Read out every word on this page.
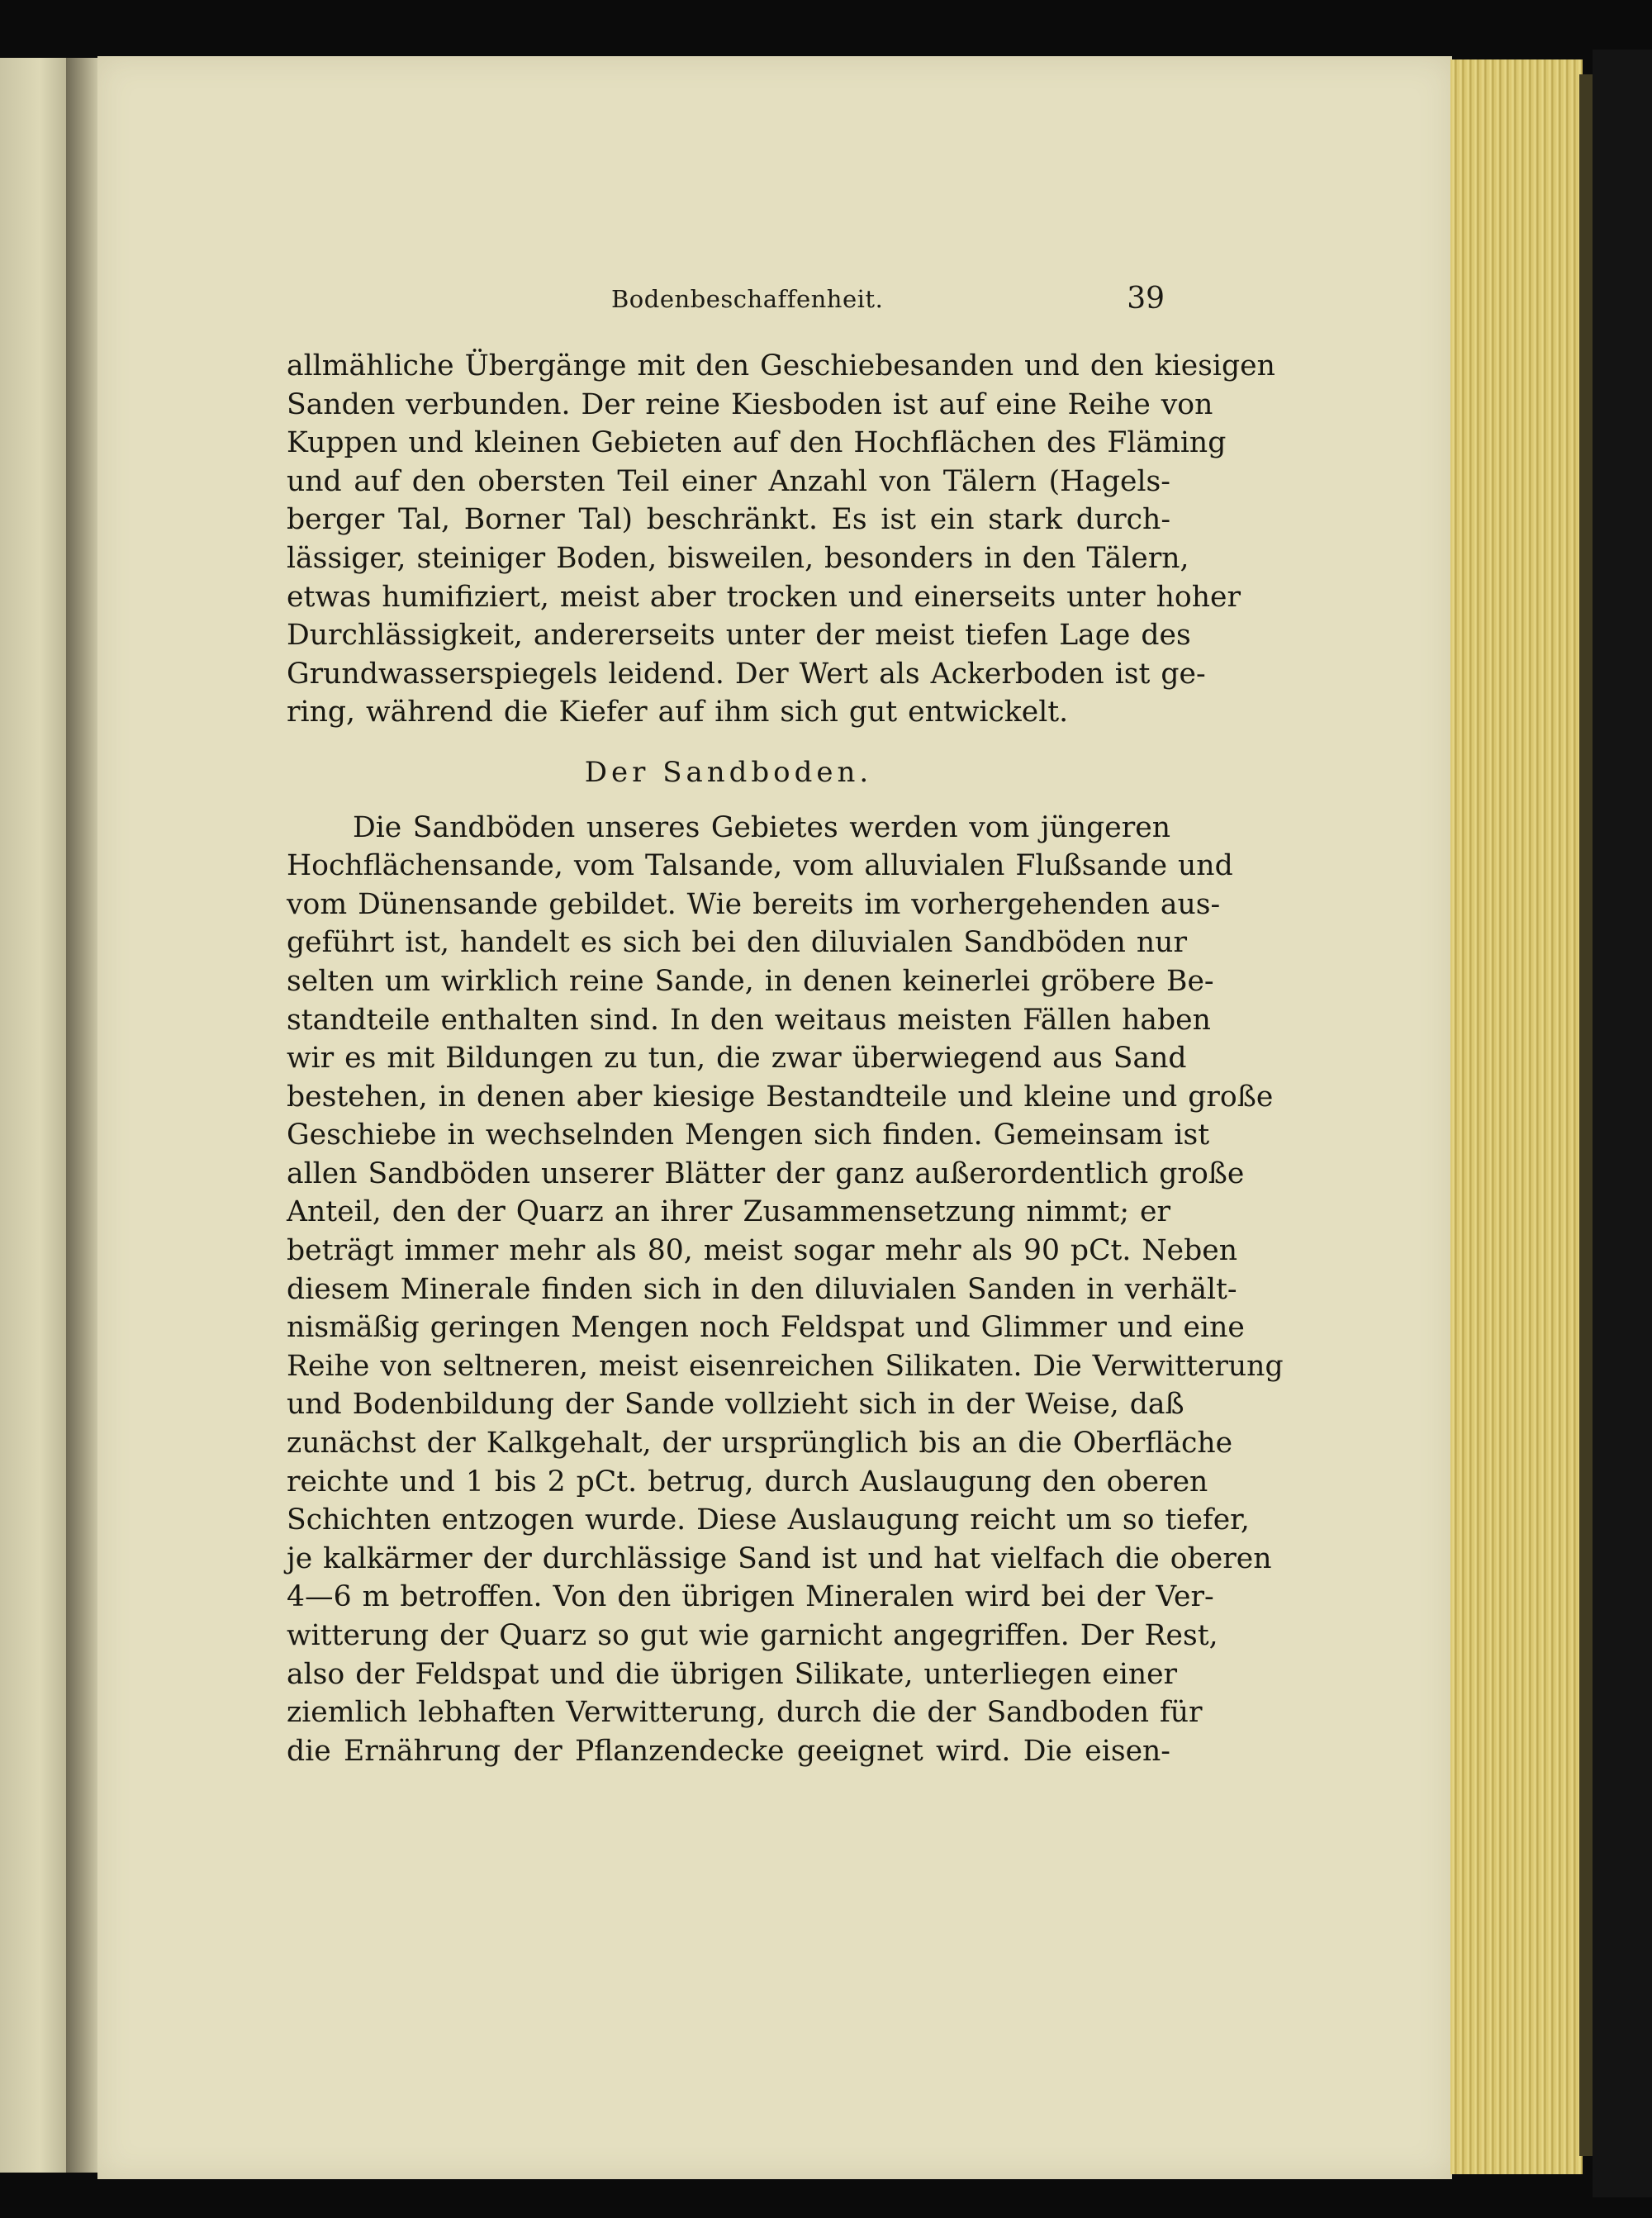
Bodenbeschaffenheit.	39
allmähliche Übergänge mit den Geschiebesanden und den kiesigen
Sanden verbunden. Der reine Kiesboden ist auf eine Reihe von
Kuppen und kleinen Gebieten auf den Hochflächen des Fläming
und auf den obersten Teil einer Anzahl von Tälern (Hagels-
berger Tal, Borner Tal) beschränkt. Es ist ein stark durch-
lässiger, steiniger Boden, bisweilen, besonders in den Tälern,
etwas humifiziert, meist aber trocken und einerseits unter hoher
Durchlässigkeit, andererseits unter der meist tiefen Lage des
Grundwasserspiegels leidend. Der Wert als Ackerboden ist ge-
ring, während die Kiefer auf ihm sich gut entwickelt.
Der Sandboden.
Die Sandböden unseres Gebietes werden vom jüngeren
Hochflächensande, vom Talsande, vom alluvialen Flußsande und
vom Dünensande gebildet. Wie bereits im vorhergehenden aus-
geführt ist, handelt es sich bei den diluvialen Sandböden nur
selten um wirklich reine Sande, in denen keinerlei gröbere Be-
standteile enthalten sind. In den weitaus meisten Fällen haben
wir es mit Bildungen zu tun, die zwar überwiegend aus Sand
bestehen, in denen aber kiesige Bestandteile und kleine und große
Geschiebe in wechselnden Mengen sich finden. Gemeinsam ist
allen Sandböden unserer Blätter der ganz außerordentlich große
Anteil, den der Quarz an ihrer Zusammensetzung nimmt; er
beträgt immer mehr als 80, meist sogar mehr als 90 pCt. Neben
diesem Minerale finden sich in den diluvialen Sanden in verhält-
nismäßig geringen Mengen noch Feldspat und Glimmer und eine
Reihe von seltneren, meist eisenreichen Silikaten. Die Verwitterung
und Bodenbildung der Sande vollzieht sich in der Weise, daß
zunächst der Kalkgehalt, der ursprünglich bis an die Oberfläche
reichte und 1 bis 2 pCt. betrug, durch Auslaugung den oberen
Schichten entzogen wurde. Diese Auslaugung reicht um so tiefer,
je kalkärmer der durchlässige Sand ist und hat vielfach die oberen
4—6 m betroffen. Von den übrigen Mineralen wird bei der Ver-
witterung der Quarz so gut wie garnicht angegriffen. Der Rest,
also der Feldspat und die übrigen Silikate, unterliegen einer
ziemlich lebhaften Verwitterung, durch die der Sandboden für
die Ernährung der Pflanzendecke geeignet wird. Die eisen-
